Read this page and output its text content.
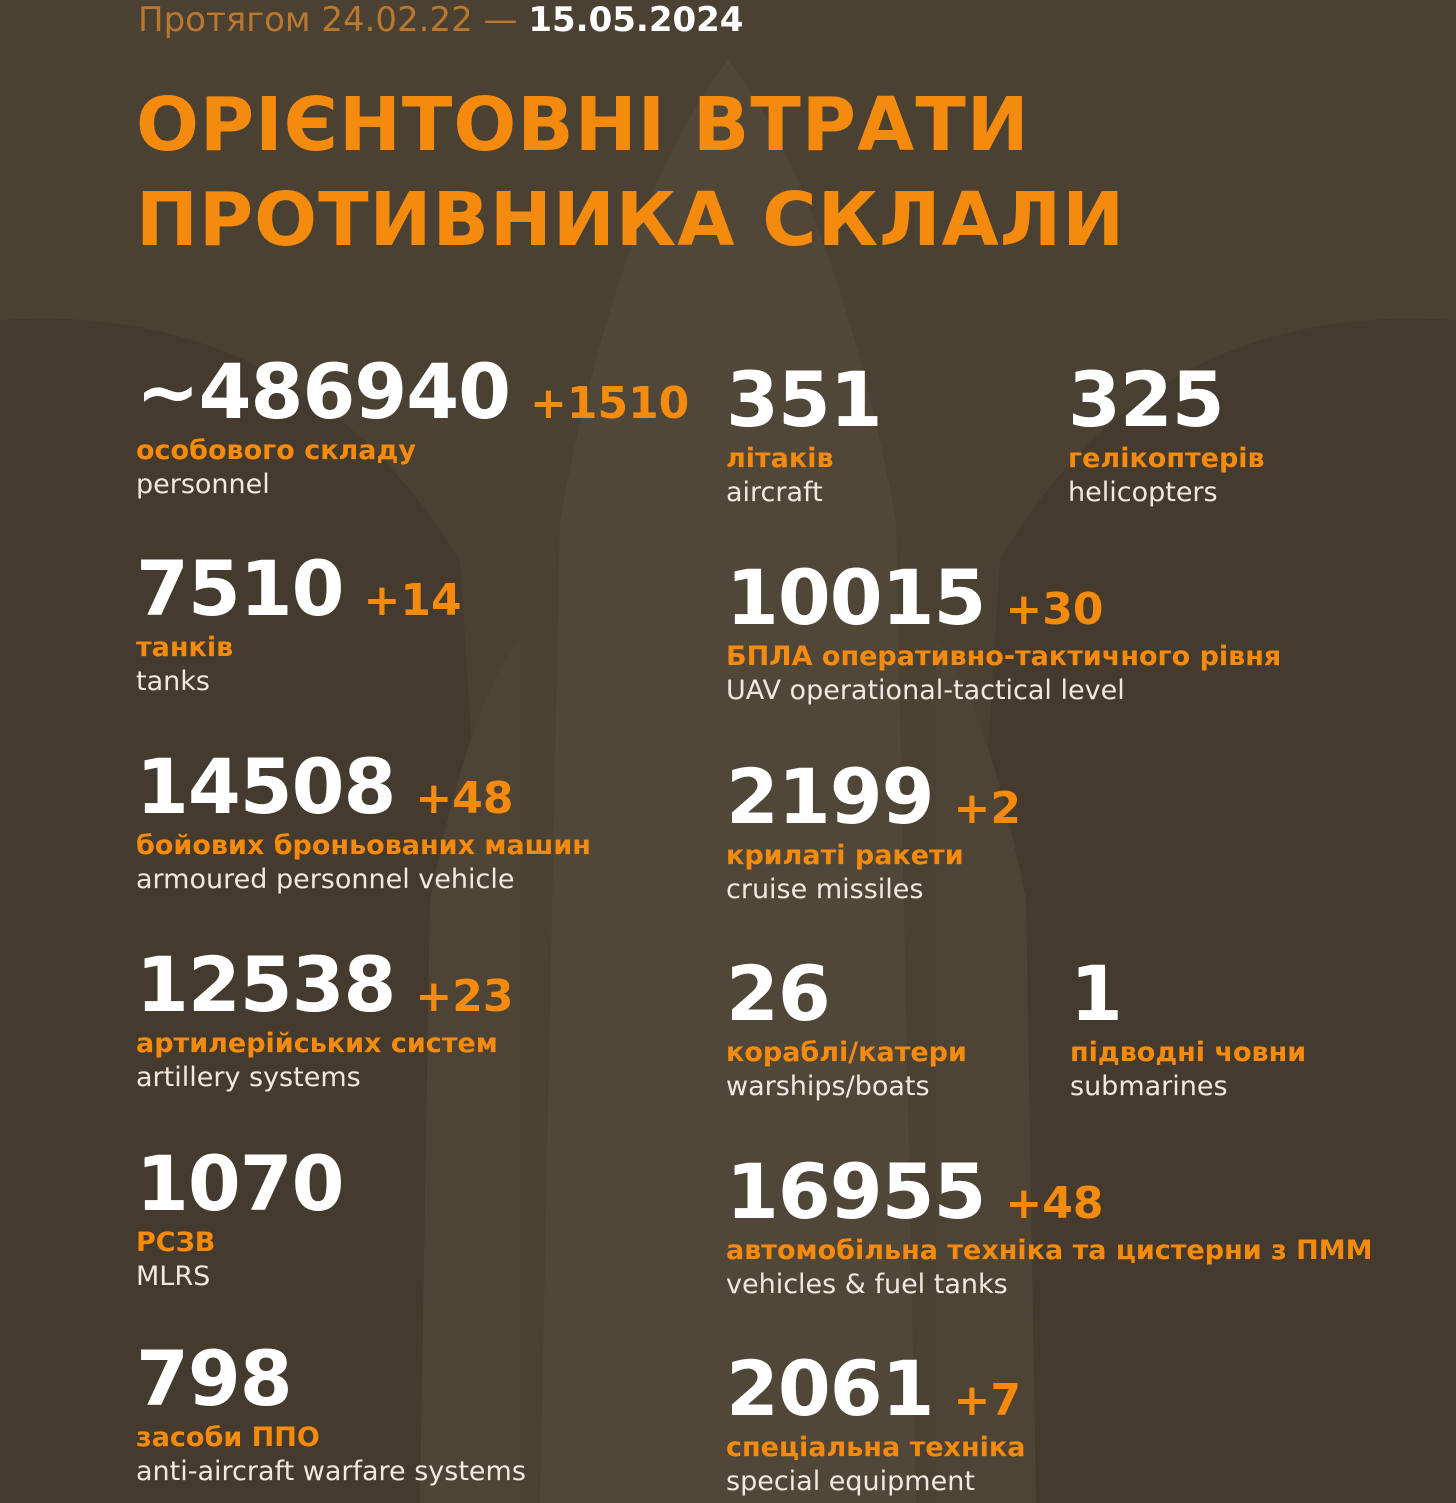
Протягом 24.02.22 — 15.05.2024
ОРІЄНТОВНІ ВТРАТИ
ПРОТИВНИКА СКЛАЛИ
~486940 +1510
особового складу
personnel
7510 +14
танків
tanks
14508 +48
бойових броньованих машин
armoured personnel vehicle
12538 +23
артилерійських систем
artillery systems
1070
РСЗВ
MLRS
798
засоби ППО
anti-aircraft warfare systems
351
літаків
aircraft
325
гелікоптерів
helicopters
10015 +30
БПЛА оперативно-тактичного рівня
UAV operational-tactical level
2199 +2
крилаті ракети
cruise missiles
26
кораблі/катери
warships/boats
1
підводні човни
submarines
16955 +48
автомобільна техніка та цистерни з ПММ
vehicles & fuel tanks
2061 +7
спеціальна техніка
special equipment
